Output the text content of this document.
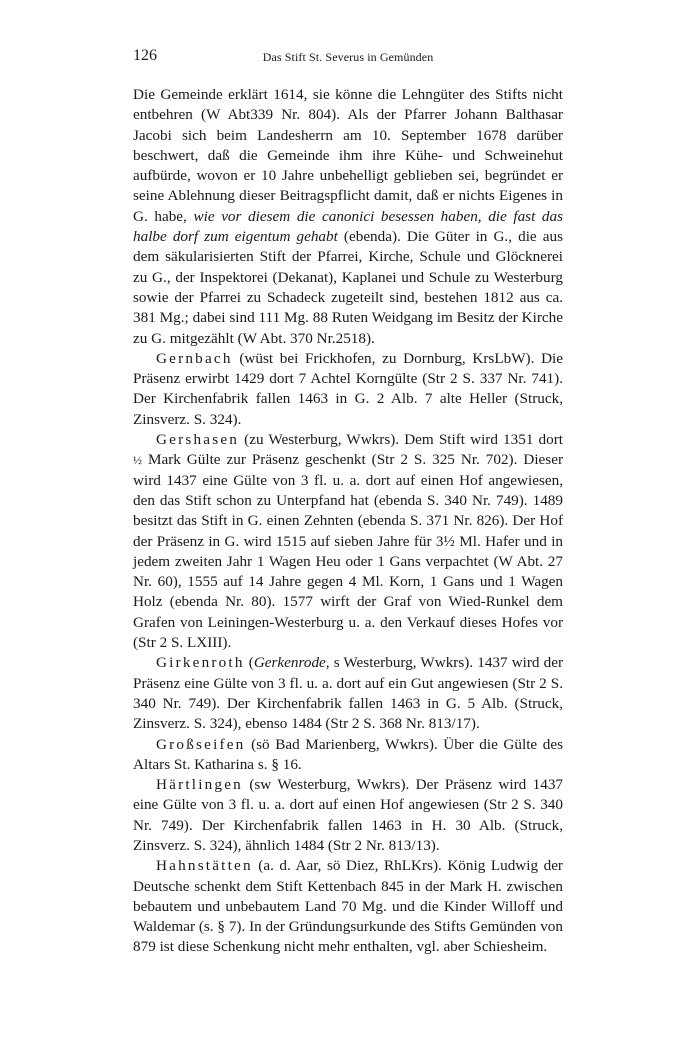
126	Das Stift St. Severus in Gemünden

Die Gemeinde erklärt 1614, sie könne die Lehngüter des Stifts nicht entbehren (W Abt339 Nr. 804). Als der Pfarrer Johann Balthasar Jacobi sich beim Landesherrn am 10. September 1678 darüber beschwert, daß die Gemeinde ihm ihre Kühe- und Schweinehut aufbürde, wovon er 10 Jahre unbehelligt geblieben sei, begründet er seine Ablehnung dieser Beitragspflicht damit, daß er nichts Eigenes in G. habe, wie vor diesem die canonici besessen haben, die fast das halbe dorf zum eigentum gehabt (ebenda). Die Güter in G., die aus dem säkularisierten Stift der Pfarrei, Kirche, Schule und Glöcknerei zu G., der Inspektorei (Dekanat), Kaplanei und Schule zu Westerburg sowie der Pfarrei zu Schadeck zugeteilt sind, bestehen 1812 aus ca. 381 Mg.; dabei sind 111 Mg. 88 Ruten Weidgang im Besitz der Kirche zu G. mitgezählt (W Abt. 370 Nr.2518).

Gernbach (wüst bei Frickhofen, zu Dornburg, KrsLbW). Die Präsenz erwirbt 1429 dort 7 Achtel Korngülte (Str 2 S. 337 Nr. 741). Der Kirchenfabrik fallen 1463 in G. 2 Alb. 7 alte Heller (Struck, Zinsverz. S. 324).

Gershasen (zu Westerburg, Wwkrs). Dem Stift wird 1351 dort ½ Mark Gülte zur Präsenz geschenkt (Str 2 S. 325 Nr. 702). Dieser wird 1437 eine Gülte von 3 fl. u. a. dort auf einen Hof angewiesen, den das Stift schon zu Unterpfand hat (ebenda S. 340 Nr. 749). 1489 besitzt das Stift in G. einen Zehnten (ebenda S. 371 Nr. 826). Der Hof der Präsenz in G. wird 1515 auf sieben Jahre für 3½ Ml. Hafer und in jedem zweiten Jahr 1 Wagen Heu oder 1 Gans verpachtet (W Abt. 27 Nr. 60), 1555 auf 14 Jahre gegen 4 Ml. Korn, 1 Gans und 1 Wagen Holz (ebenda Nr. 80). 1577 wirft der Graf von Wied-Runkel dem Grafen von Leiningen-Westerburg u. a. den Verkauf dieses Hofes vor (Str 2 S. LXIII).

Girkenroth (Gerkenrode, s Westerburg, Wwkrs). 1437 wird der Präsenz eine Gülte von 3 fl. u. a. dort auf ein Gut angewiesen (Str 2 S. 340 Nr. 749). Der Kirchenfabrik fallen 1463 in G. 5 Alb. (Struck, Zinsverz. S. 324), ebenso 1484 (Str 2 S. 368 Nr. 813/17).

Großseifen (sö Bad Marienberg, Wwkrs). Über die Gülte des Altars St. Katharina s. § 16.

Härtlingen (sw Westerburg, Wwkrs). Der Präsenz wird 1437 eine Gülte von 3 fl. u. a. dort auf einen Hof angewiesen (Str 2 S. 340 Nr. 749). Der Kirchenfabrik fallen 1463 in H. 30 Alb. (Struck, Zinsverz. S. 324), ähnlich 1484 (Str 2 Nr. 813/13).

Hahnstätten (a. d. Aar, sö Diez, RhLKrs). König Ludwig der Deutsche schenkt dem Stift Kettenbach 845 in der Mark H. zwischen bebautem und unbebautem Land 70 Mg. und die Kinder Willoff und Waldemar (s. § 7). In der Gründungsurkunde des Stifts Gemünden von 879 ist diese Schenkung nicht mehr enthalten, vgl. aber Schiesheim.
